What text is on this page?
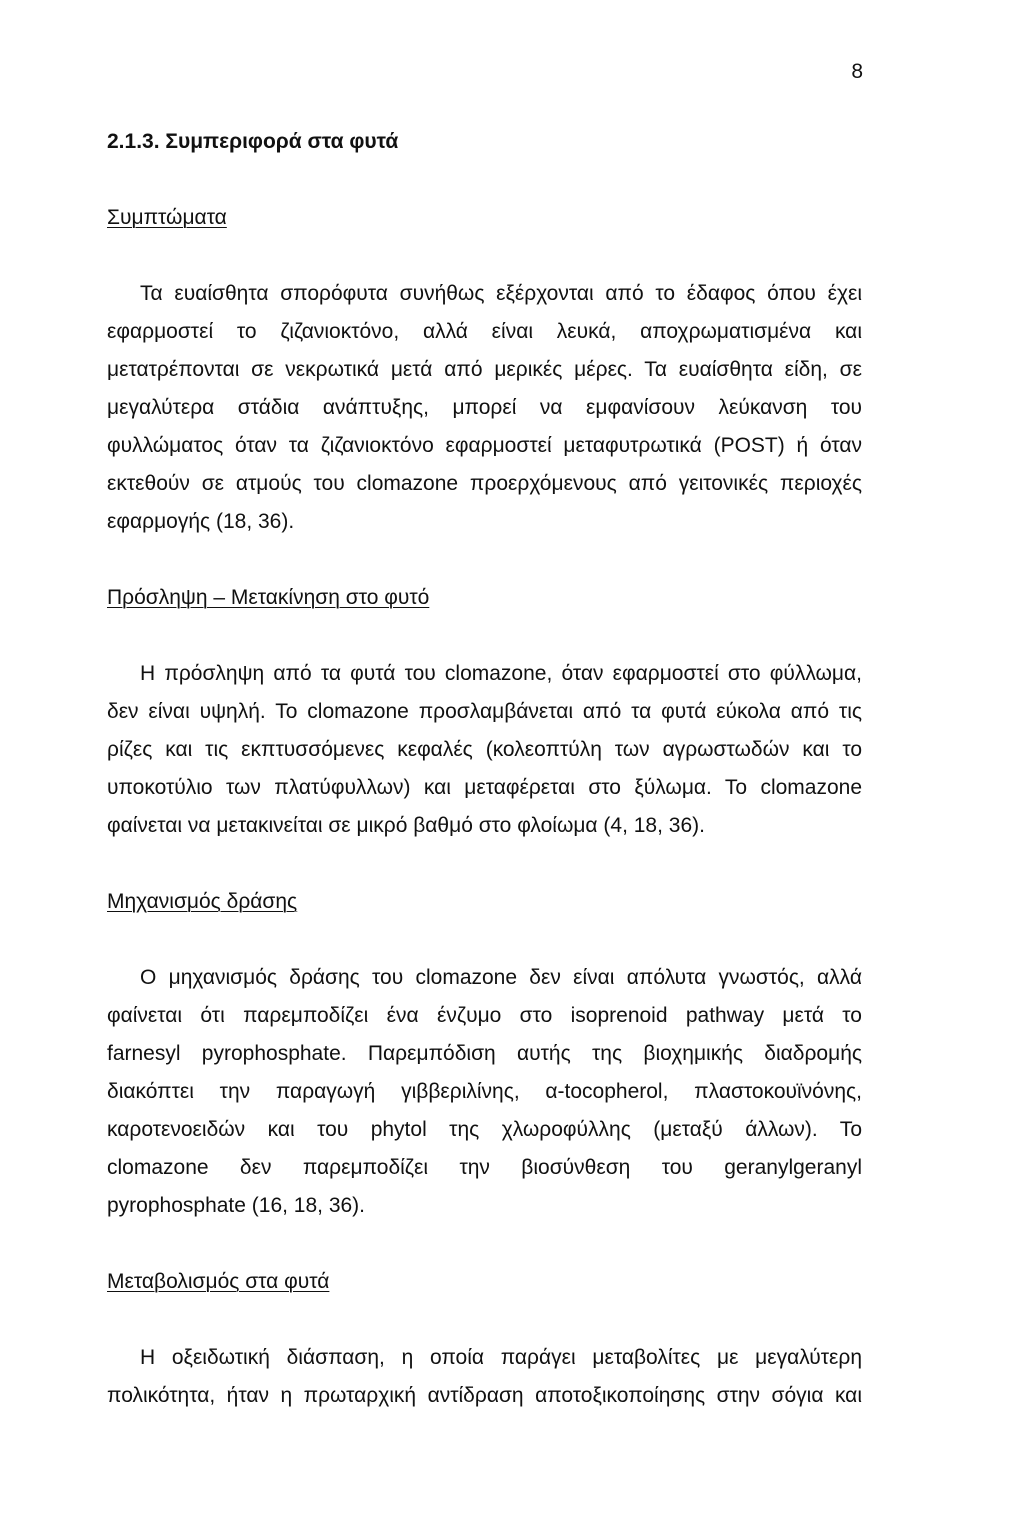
8
2.1.3. Συμπεριφορά στα φυτά
Συμπτώματα
Τα ευαίσθητα σπορόφυτα συνήθως εξέρχονται από το έδαφος όπου έχει
εφαρμοστεί το ζιζανιοκτόνο, αλλά είναι λευκά, αποχρωματισμένα και
μετατρέπονται σε νεκρωτικά μετά από μερικές μέρες. Τα ευαίσθητα είδη, σε
μεγαλύτερα στάδια ανάπτυξης, μπορεί να εμφανίσουν λεύκανση του
φυλλώματος όταν τα ζιζανιοκτόνο εφαρμοστεί μεταφυτρωτικά (POST) ή όταν
εκτεθούν σε ατμούς του clomazone προερχόμενους από γειτονικές περιοχές
εφαρμογής (18, 36).
Πρόσληψη – Μετακίνηση στο φυτό
Η πρόσληψη από τα φυτά του clomazone, όταν εφαρμοστεί στο φύλλωμα,
δεν είναι υψηλή. Το clomazone προσλαμβάνεται από τα φυτά εύκολα από τις
ρίζες και τις εκπτυσσόμενες κεφαλές (κολεοπτύλη των αγρωστωδών και το
υποκοτύλιο των πλατύφυλλων) και μεταφέρεται στο ξύλωμα. Το clomazone
φαίνεται να μετακινείται σε μικρό βαθμό στο φλοίωμα (4, 18, 36).
Μηχανισμός δράσης
Ο μηχανισμός δράσης του clomazone δεν είναι απόλυτα γνωστός, αλλά
φαίνεται ότι παρεμποδίζει ένα ένζυμο στο isoprenoid pathway μετά το
farnesyl pyrophosphate. Παρεμπόδιση αυτής της βιοχημικής διαδρομής
διακόπτει την παραγωγή γιββεριλίνης, α-tocopherol, πλαστοκουϊνόνης,
καροτενοειδών και του phytol της χλωροφύλλης (μεταξύ άλλων). Το
clomazone δεν παρεμποδίζει την βιοσύνθεση του geranylgeranyl
pyrophosphate (16, 18, 36).
Μεταβολισμός στα φυτά
Η οξειδωτική διάσπαση, η οποία παράγει μεταβολίτες με μεγαλύτερη
πολικότητα, ήταν η πρωταρχική αντίδραση αποτοξικοποίησης στην σόγια και
